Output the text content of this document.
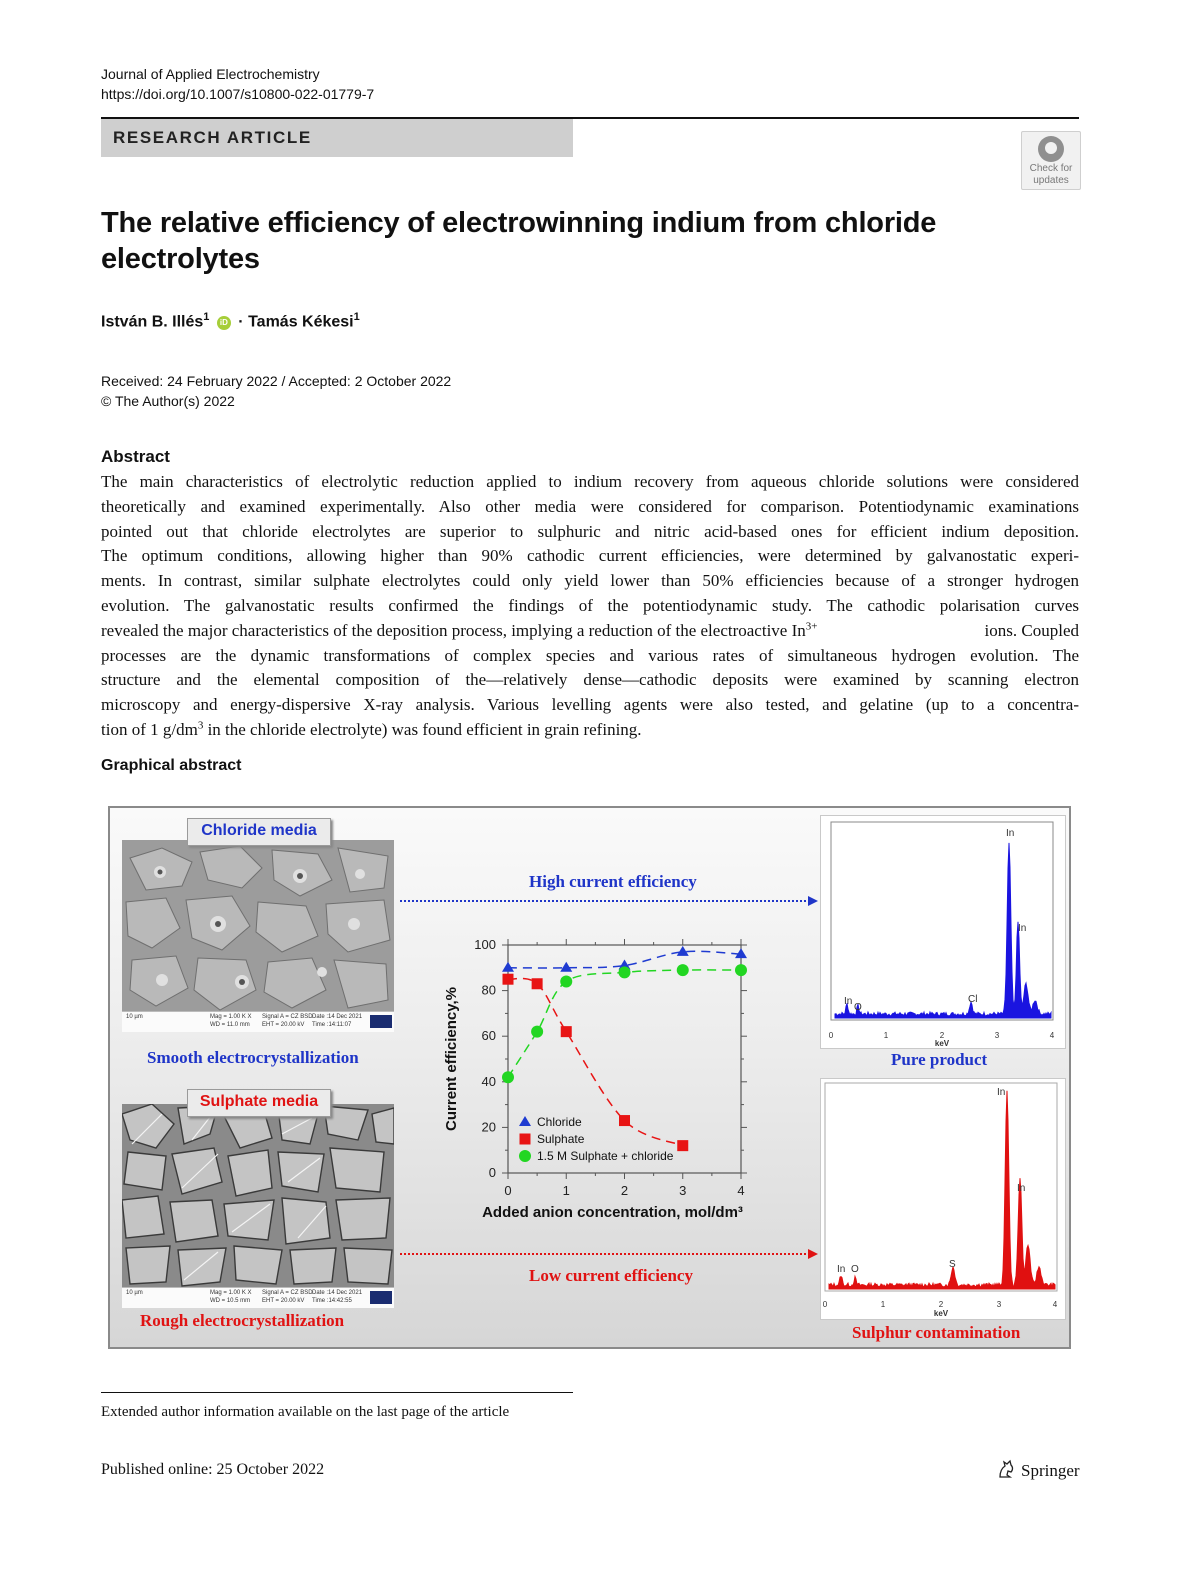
Journal of Applied Electrochemistry
https://doi.org/10.1007/s10800-022-01779-7
RESEARCH ARTICLE
Check for
updates
The relative efficiency of electrowinning indium from chloride
electrolytes
István B. Illés$^1$ iD · Tamás Kékesi$^1$
Received: 24 February 2022 / Accepted: 2 October 2022
© The Author(s) 2022
Abstract
The main characteristics of electrolytic reduction applied to indium recovery from aqueous chloride solutions were considered
theoretically and examined experimentally. Also other media were considered for comparison. Potentiodynamic examinations
pointed out that chloride electrolytes are superior to sulphuric and nitric acid-based ones for efficient indium deposition.
The optimum conditions, allowing higher than 90% cathodic current efficiencies, were determined by galvanostatic experi-
ments. In contrast, similar sulphate electrolytes could only yield lower than 50% efficiencies because of a stronger hydrogen
evolution. The galvanostatic results confirmed the findings of the potentiodynamic study. The cathodic polarisation curves
revealed the major characteristics of the deposition process, implying a reduction of the electroactive $In^{3+}$	ions. Coupled
processes are the dynamic transformations of complex species and various rates of simultaneous hydrogen evolution. The
structure and the elemental composition of the—relatively dense—cathodic deposits were examined by scanning electron
microscopy and energy-dispersive X-ray analysis. Various levelling agents were also tested, and gelatine (up to a concentra-
tion of 1 $g/dm^3$ in the chloride electrolyte) was found efficient in grain refining.
Graphical abstract
10 µm	Mag = 1.00 K X
WD = 11.0 mm
Signal A = CZ BSD
EHT = 20.00 kV
Date :14 Dec 2021
Time :14:11:07
10 µm	Mag = 1.00 K X
WD = 10.5 mm
Signal A = CZ BSD
EHT = 20.00 kV
Date :14 Dec 2021
Time :14:42:55
Chloride media
Sulphate media
Smooth electrocrystallization
Rough electrocrystallization
High current efficiency
Low current efficiency
Pure product
Sulphur contamination
In
In
In
O
Cl
0	1	2	3	4
keV
In
In
In O	S
0	1	2	3	4
keV
0
20
40
60
80
100
0	1	2	3	4
Chloride
Sulphate
1.5 M Sulphate + chloride
Added anion concentration, mol/dm³
Current efficiency,%
Extended author information available on the last page of the article
Published online: 25 October 2022	Springer
